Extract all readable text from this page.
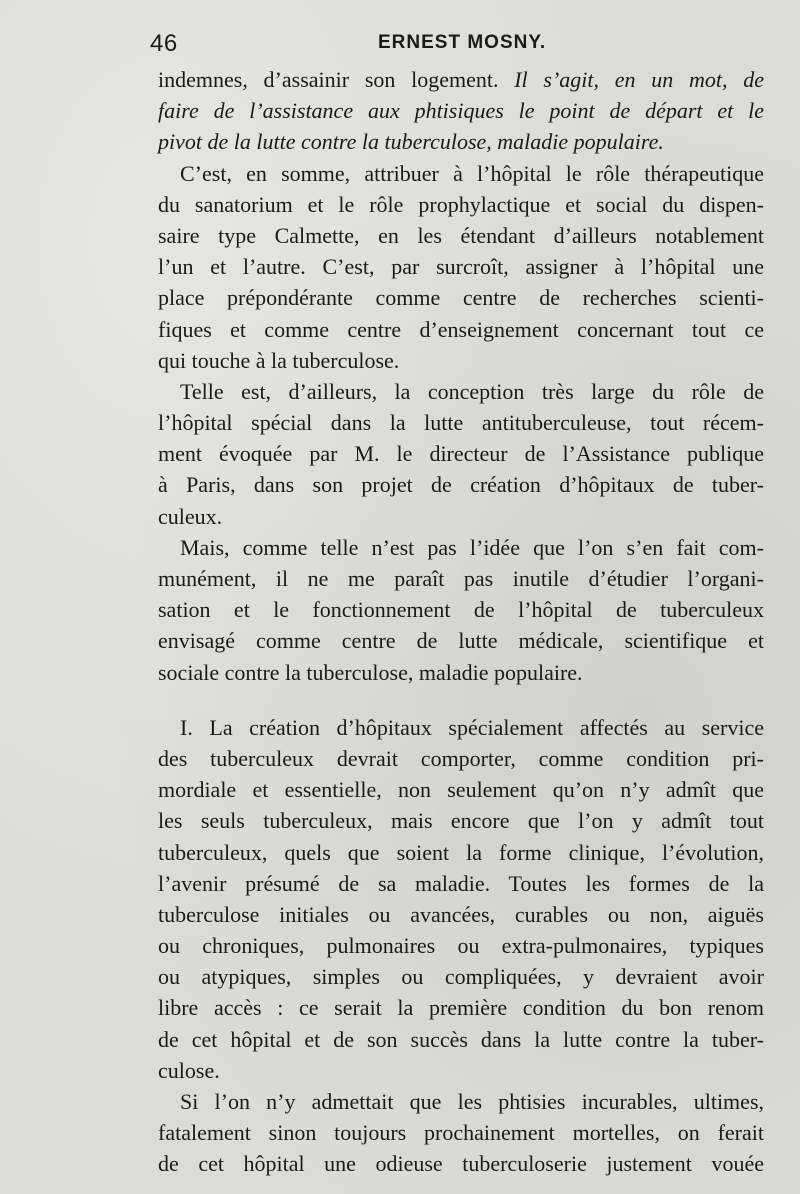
46	ERNEST MOSNY.
indemnes, d’assainir son logement. Il s’agit, en un mot, de
faire de l’assistance aux phtisiques le point de départ et le
pivot de la lutte contre la tuberculose, maladie populaire.
C’est, en somme, attribuer à l’hôpital le rôle thérapeutique
du sanatorium et le rôle prophylactique et social du dispen-
saire type Calmette, en les étendant d’ailleurs notablement
l’un et l’autre. C’est, par surcroît, assigner à l’hôpital une
place prépondérante comme centre de recherches scienti-
fiques et comme centre d’enseignement concernant tout ce
qui touche à la tuberculose.
Telle est, d’ailleurs, la conception très large du rôle de
l’hôpital spécial dans la lutte antituberculeuse, tout récem-
ment évoquée par M. le directeur de l’Assistance publique
à Paris, dans son projet de création d’hôpitaux de tuber-
culeux.
Mais, comme telle n’est pas l’idée que l’on s’en fait com-
munément, il ne me paraît pas inutile d’étudier l’organi-
sation et le fonctionnement de l’hôpital de tuberculeux
envisagé comme centre de lutte médicale, scientifique et
sociale contre la tuberculose, maladie populaire.
I. La création d’hôpitaux spécialement affectés au service
des tuberculeux devrait comporter, comme condition pri-
mordiale et essentielle, non seulement qu’on n’y admît que
les seuls tuberculeux, mais encore que l’on y admît tout
tuberculeux, quels que soient la forme clinique, l’évolution,
l’avenir présumé de sa maladie. Toutes les formes de la
tuberculose initiales ou avancées, curables ou non, aiguës
ou chroniques, pulmonaires ou extra-pulmonaires, typiques
ou atypiques, simples ou compliquées, y devraient avoir
libre accès : ce serait la première condition du bon renom
de cet hôpital et de son succès dans la lutte contre la tuber-
culose.
Si l’on n’y admettait que les phtisies incurables, ultimes,
fatalement sinon toujours prochainement mortelles, on ferait
de cet hôpital une odieuse tuberculoserie justement vouée
